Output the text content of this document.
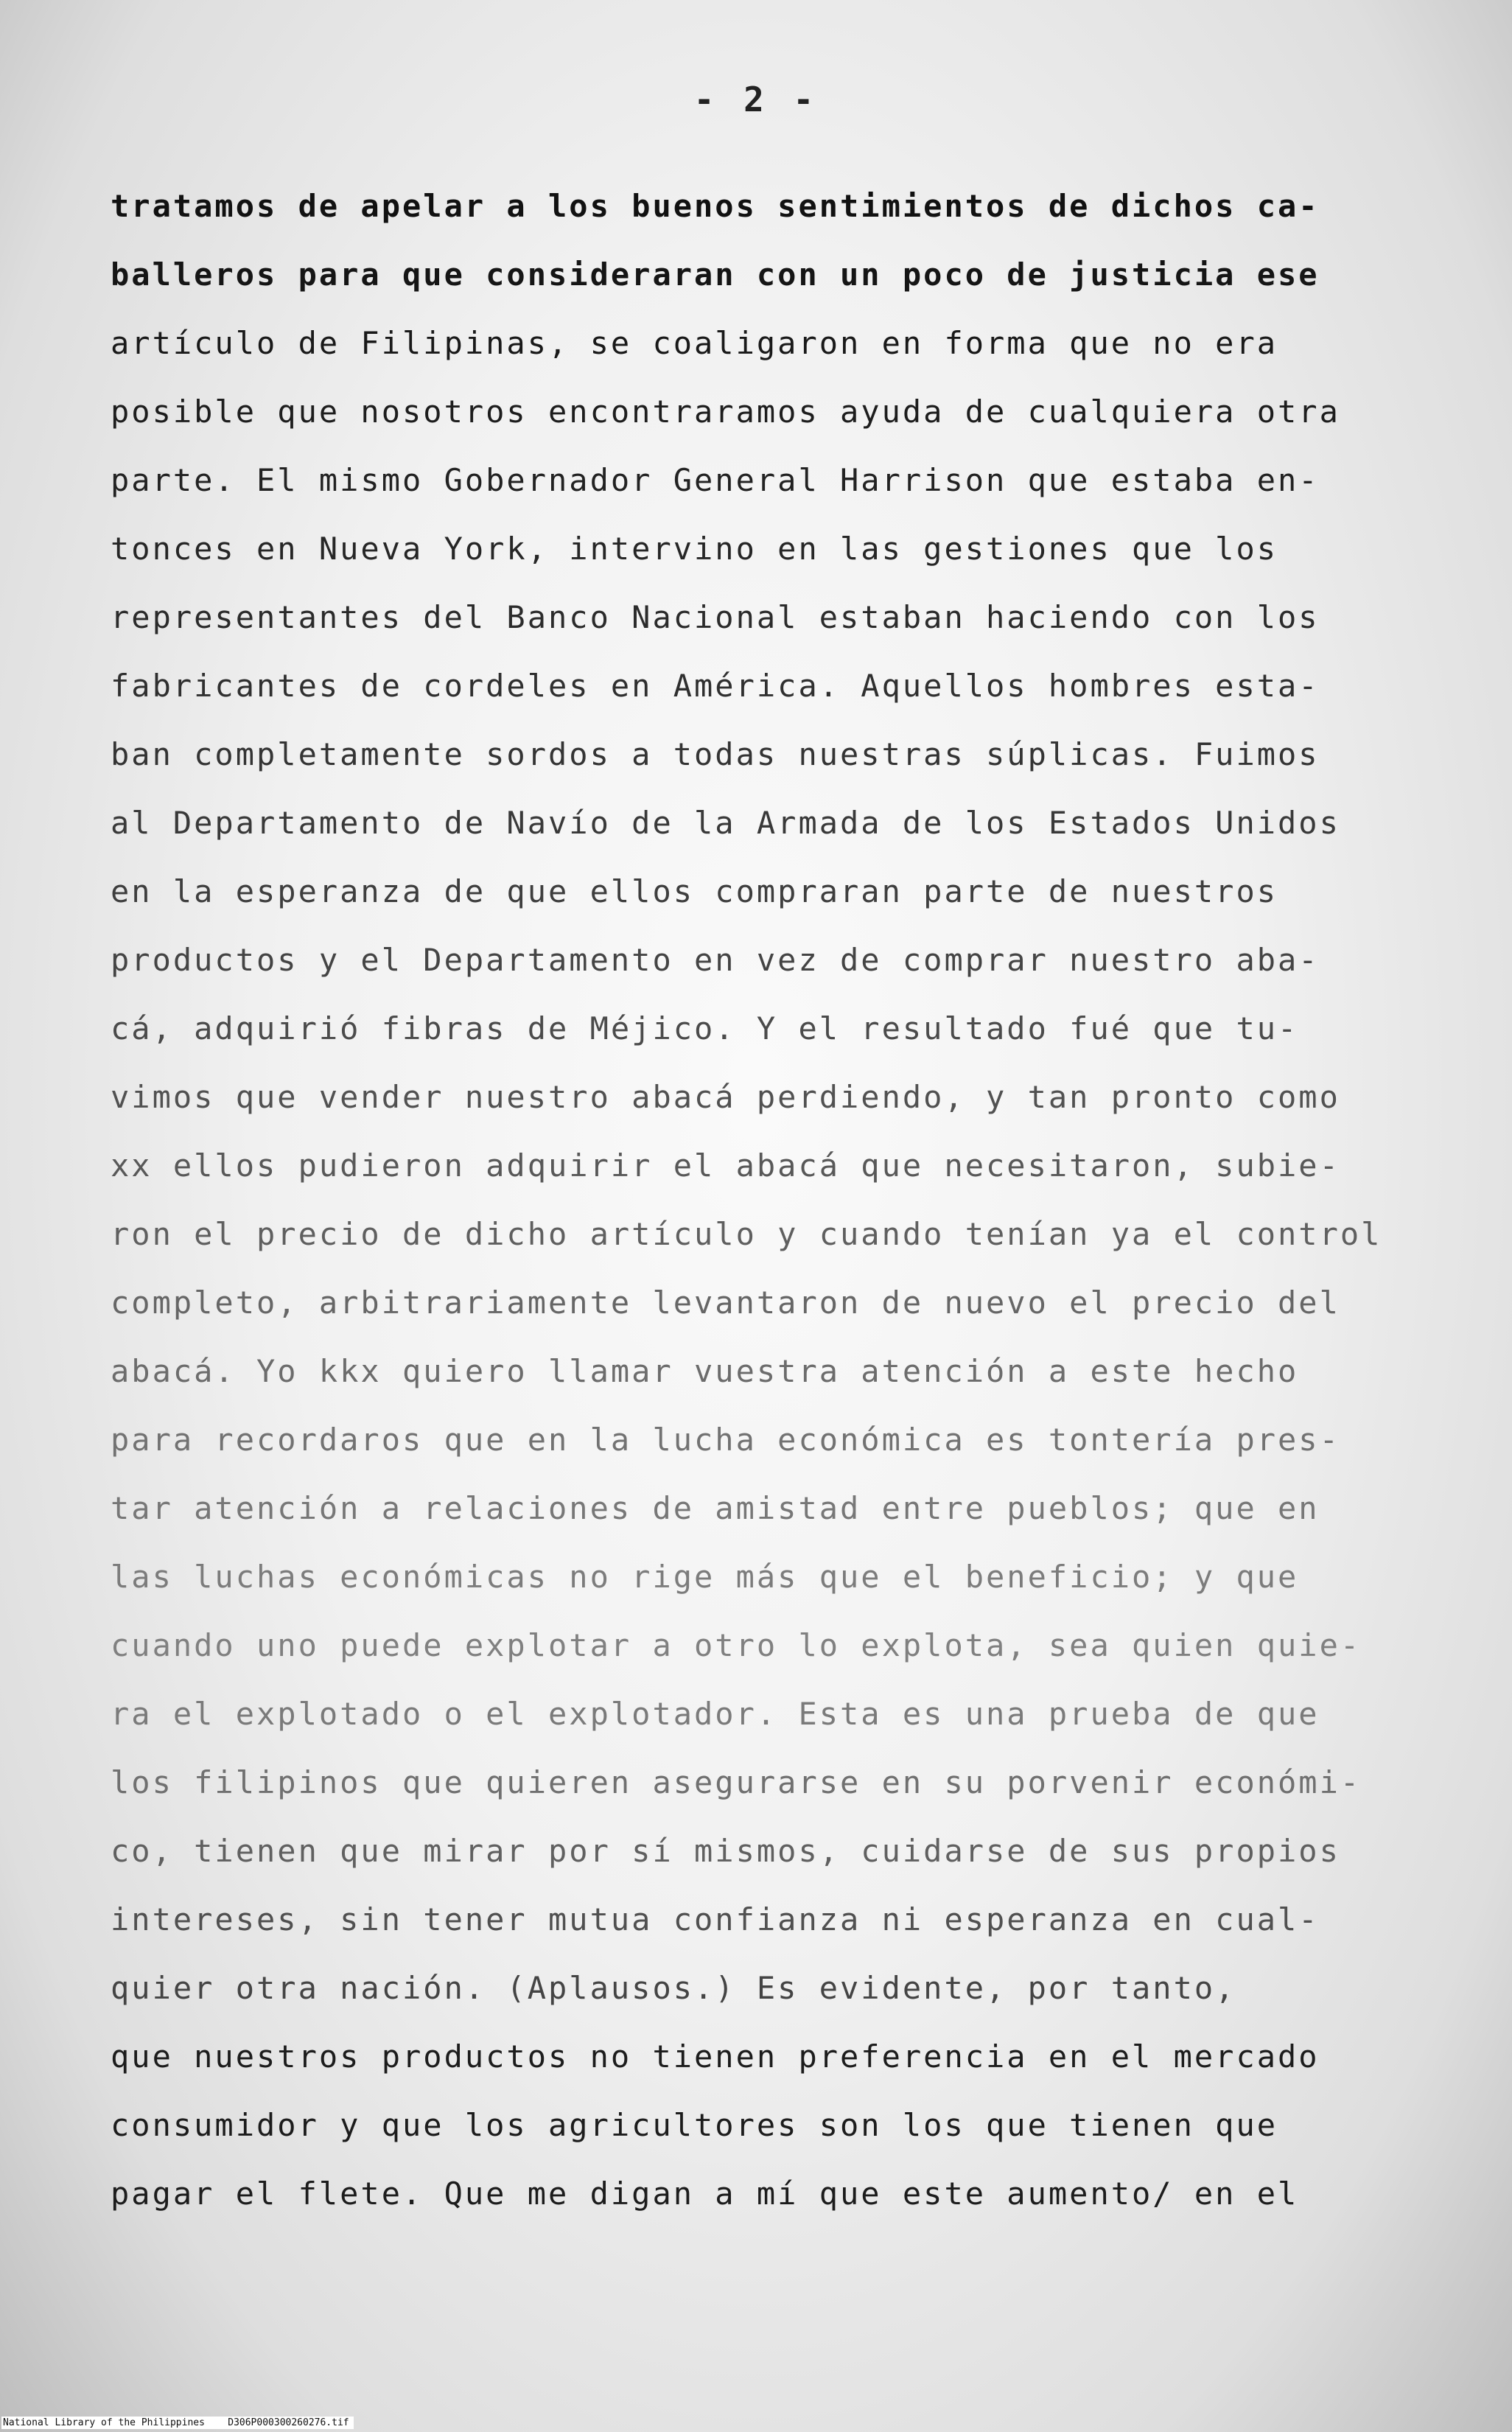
- 2 -
tratamos de apelar a los buenos sentimientos de dichos ca-
balleros para que consideraran con un poco de justicia ese
artículo de Filipinas, se coaligaron en forma que no era
posible que nosotros encontraramos ayuda de cualquiera otra
parte. El mismo Gobernador General Harrison que estaba en-
tonces en Nueva York, intervino en las gestiones que los
representantes del Banco Nacional estaban haciendo con los
fabricantes de cordeles en América. Aquellos hombres esta-
ban completamente sordos a todas nuestras súplicas. Fuimos
al Departamento de Navío de la Armada de los Estados Unidos
en la esperanza de que ellos compraran parte de nuestros
productos y el Departamento en vez de comprar nuestro aba-
cá, adquirió fibras de Méjico. Y el resultado fué que tu-
vimos que vender nuestro abacá perdiendo, y tan pronto como
xx ellos pudieron adquirir el abacá que necesitaron, subie-
ron el precio de dicho artículo y cuando tenían ya el control
completo, arbitrariamente levantaron de nuevo el precio del
abacá. Yo kkx quiero llamar vuestra atención a este hecho
para recordaros que en la lucha económica es tontería pres-
tar atención a relaciones de amistad entre pueblos; que en
las luchas económicas no rige más que el beneficio; y que
cuando uno puede explotar a otro lo explota, sea quien quie-
ra el explotado o el explotador. Esta es una prueba de que
los filipinos que quieren asegurarse en su porvenir económi-
co, tienen que mirar por sí mismos, cuidarse de sus propios
intereses, sin tener mutua confianza ni esperanza en cual-
quier otra nación. (Aplausos.) Es evidente, por tanto,
que nuestros productos no tienen preferencia en el mercado
consumidor y que los agricultores son los que tienen que
pagar el flete. Que me digan a mí que este aumento/ en el
National Library of the Philippines D306P000300260276.tif
